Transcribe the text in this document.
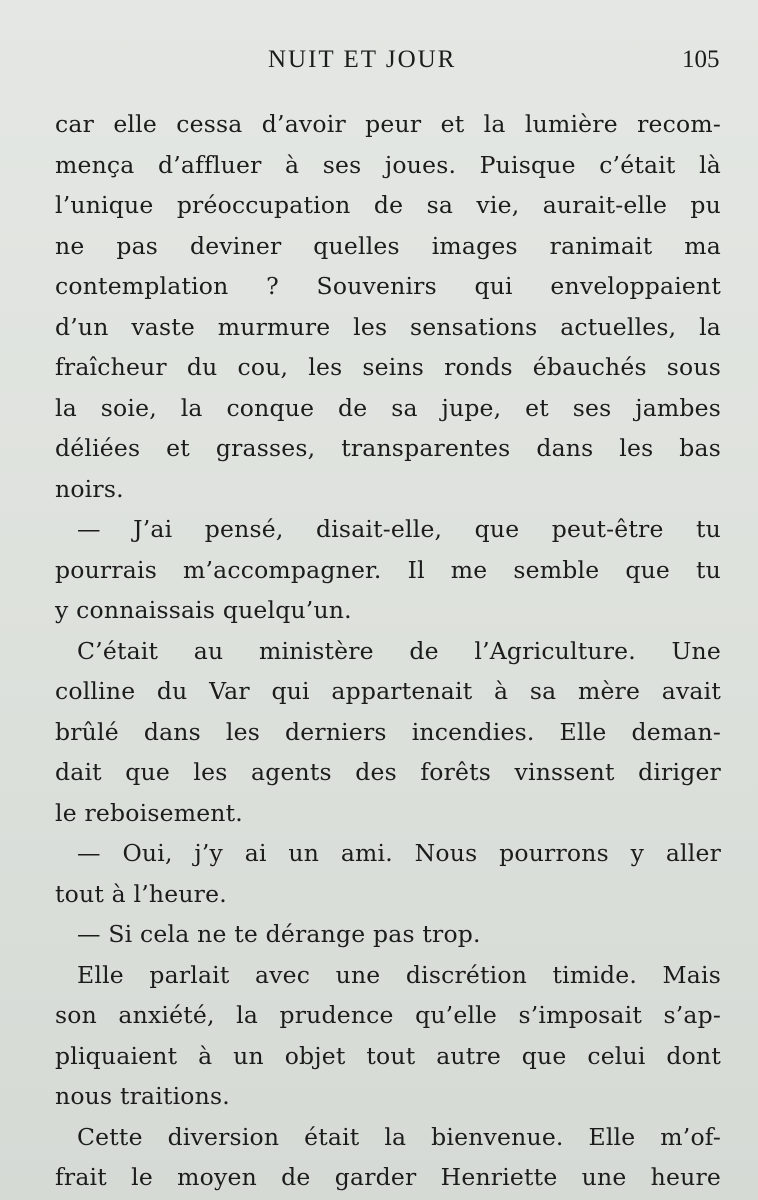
NUIT ET JOUR	105
car elle cessa d’avoir peur et la lumière recom-
mença d’affluer à ses joues. Puisque c’était là
l’unique préoccupation de sa vie, aurait-elle pu
ne pas deviner quelles images ranimait ma
contemplation ? Souvenirs qui enveloppaient
d’un vaste murmure les sensations actuelles, la
fraîcheur du cou, les seins ronds ébauchés sous
la soie, la conque de sa jupe, et ses jambes
déliées et grasses, transparentes dans les bas
noirs.
— J’ai pensé, disait-elle, que peut-être tu
pourrais m’accompagner. Il me semble que tu
y connaissais quelqu’un.
C’était au ministère de l’Agriculture. Une
colline du Var qui appartenait à sa mère avait
brûlé dans les derniers incendies. Elle deman-
dait que les agents des forêts vinssent diriger
le reboisement.
— Oui, j’y ai un ami. Nous pourrons y aller
tout à l’heure.
— Si cela ne te dérange pas trop.
Elle parlait avec une discrétion timide. Mais
son anxiété, la prudence qu’elle s’imposait s’ap-
pliquaient à un objet tout autre que celui dont
nous traitions.
Cette diversion était la bienvenue. Elle m’of-
frait le moyen de garder Henriette une heure
